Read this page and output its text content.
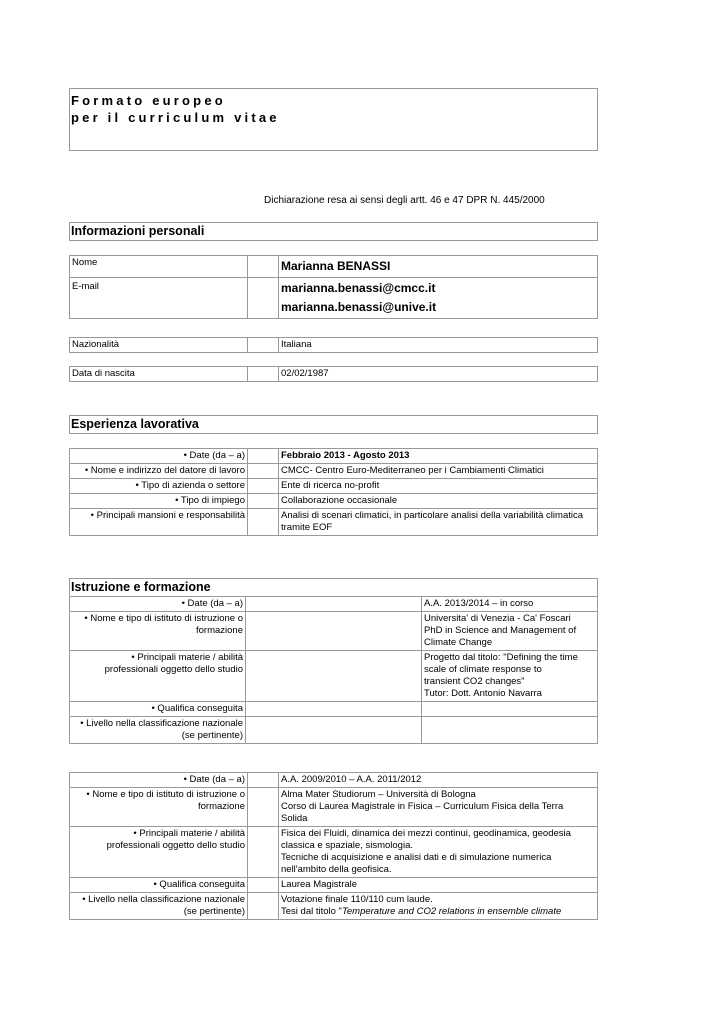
Formato europeo
per il curriculum vitae
Dichiarazione resa ai sensi degli artt. 46 e 47 DPR N. 445/2000
Informazioni personali
Nome		Marianna BENASSI
E-mail		marianna.benassi@cmcc.it
marianna.benassi@unive.it
Nazionalità		Italiana
Data di nascita		02/02/1987
Esperienza lavorativa
• Date (da – a)		Febbraio 2013 - Agosto 2013
• Nome e indirizzo del datore di lavoro		CMCC- Centro Euro-Mediterraneo per i Cambiamenti Climatici
• Tipo di azienda o settore		Ente di ricerca no-profit
• Tipo di impiego		Collaborazione occasionale
• Principali mansioni e responsabilità		Analisi di scenari climatici, in particolare analisi della variabilità climatica
tramite EOF
Istruzione e formazione		
• Date (da – a)		A.A. 2013/2014 – in corso

• Nome e tipo di istituto di istruzione o
formazione		Universita' di Venezia - Ca' Foscari
PhD in Science and Management of Climate Change

• Principali materie / abilità
professionali oggetto dello studio		Progetto dal titolo: "Defining the time scale of climate response to
transient CO2 changes"
Tutor: Dott. Antonio Navarra

• Qualifica conseguita		

• Livello nella classificazione nazionale
(se pertinente)		

• Date (da – a)		A.A. 2009/2010 – A.A. 2011/2012

• Nome e tipo di istituto di istruzione o
formazione		Alma Mater Studiorum – Università di Bologna
Corso di Laurea Magistrale in Fisica – Curriculum Fisica della Terra
Solida

• Principali materie / abilità
professionali oggetto dello studio		Fisica dei Fluidi, dinamica dei mezzi continui, geodinamica, geodesia
classica e spaziale, sismologia.
Tecniche di acquisizione e analisi dati e di simulazione numerica
nell'ambito della geofisica.

• Qualifica conseguita		Laurea Magistrale

• Livello nella classificazione nazionale
(se pertinente)		Votazione finale 110/110 cum laude.
Tesi dal titolo "Temperature and CO2 relations in ensemble climate
